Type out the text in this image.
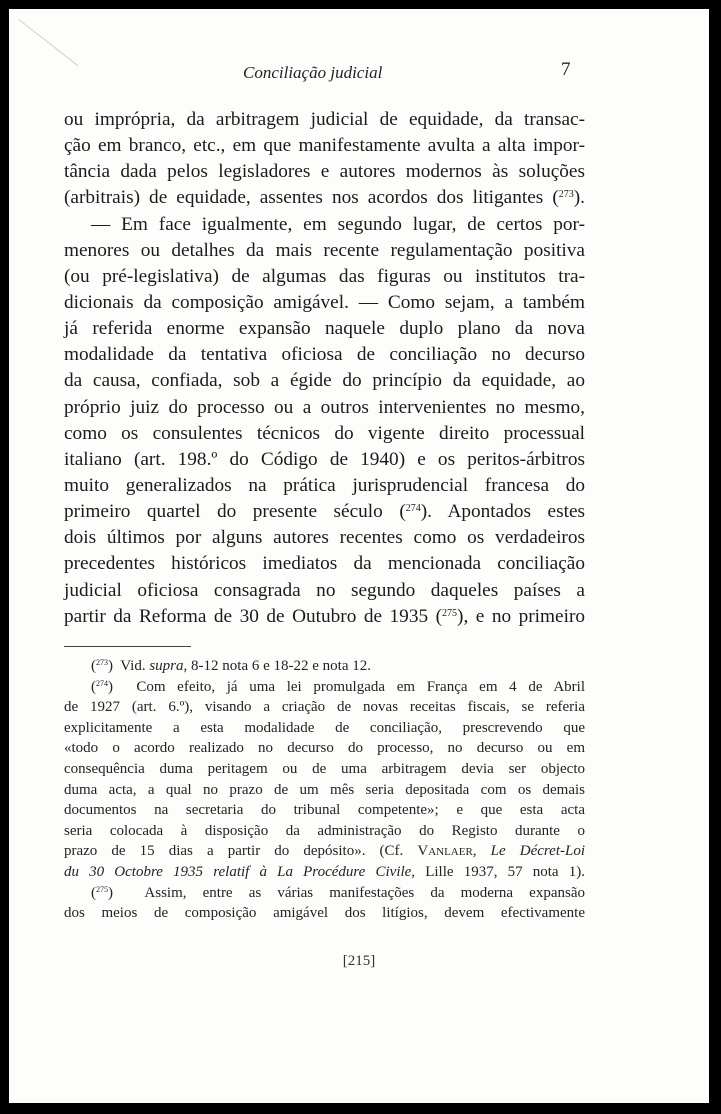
Conciliação judicial	7
ou imprópria, da arbitragem judicial de equidade, da transac-
ção em branco, etc., em que manifestamente avulta a alta impor-
tância dada pelos legisladores e autores modernos às soluções
(arbitrais) de equidade, assentes nos acordos dos litigantes ($^{273}$).
— Em face igualmente, em segundo lugar, de certos por-
menores ou detalhes da mais recente regulamentação positiva
(ou pré-legislativa) de algumas das figuras ou institutos tra-
dicionais da composição amigável. — Como sejam, a também
já referida enorme expansão naquele duplo plano da nova
modalidade da tentativa oficiosa de conciliação no decurso
da causa, confiada, sob a égide do princípio da equidade, ao
próprio juiz do processo ou a outros intervenientes no mesmo,
como os consulentes técnicos do vigente direito processual
italiano (art. 198.º do Código de 1940) e os peritos-árbitros
muito generalizados na prática jurisprudencial francesa do
primeiro quartel do presente século ($^{274}$). Apontados estes
dois últimos por alguns autores recentes como os verdadeiros
precedentes históricos imediatos da mencionada conciliação
judicial oficiosa consagrada no segundo daqueles países a
partir da Reforma de 30 de Outubro de 1935 ($^{275}$), e no primeiro
($^{273}$)  Vid. supra, 8-12 nota 6 e 18-22 e nota 12.
($^{274}$)  Com efeito, já uma lei promulgada em França em 4 de Abril
de 1927 (art. 6.º), visando a criação de novas receitas fiscais, se referia
explicitamente a esta modalidade de conciliação, prescrevendo que
«todo o acordo realizado no decurso do processo, no decurso ou em
consequência duma peritagem ou de uma arbitragem devia ser objecto
duma acta, a qual no prazo de um mês seria depositada com os demais
documentos na secretaria do tribunal competente»; e que esta acta
seria colocada à disposição da administração do Registo durante o
prazo de 15 dias a partir do depósito». (Cf. Vanlaer, Le Décret-Loi
du 30 Octobre 1935 relatif à La Procédure Civile, Lille 1937, 57 nota 1).
($^{275}$)  Assim, entre as várias manifestações da moderna expansão
dos meios de composição amigável dos litígios, devem efectivamente
[215]
